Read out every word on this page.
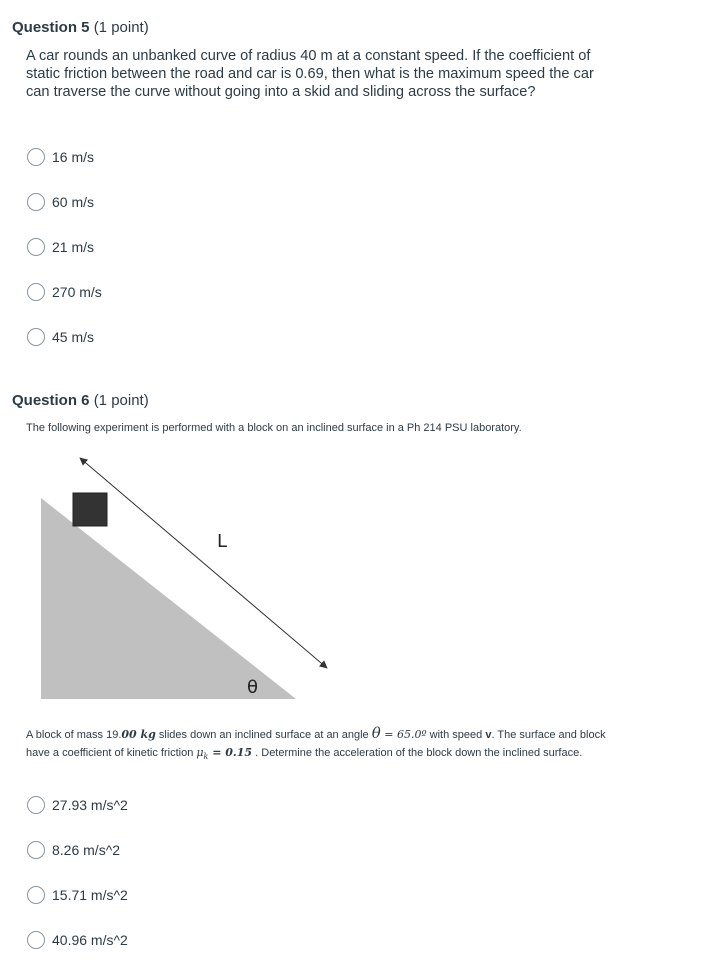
Question 5 (1 point)
A car rounds an unbanked curve of radius 40 m at a constant speed. If the coefficient of static friction between the road and car is 0.69, then what is the maximum speed the car can traverse the curve without going into a skid and sliding across the surface?
16 m/s
60 m/s
21 m/s
270 m/s
45 m/s
Question 6 (1 point)
The following experiment is performed with a block on an inclined surface in a Ph 214 PSU laboratory.
L
θ
A block of mass 19.00 kg slides down an inclined surface at an angle θ = 65.0º with speed v. The surface and block have a coefficient of kinetic friction $\mu_k = 0.15$ . Determine the acceleration of the block down the inclined surface.
27.93 m/s^2
8.26 m/s^2
15.71 m/s^2
40.96 m/s^2
